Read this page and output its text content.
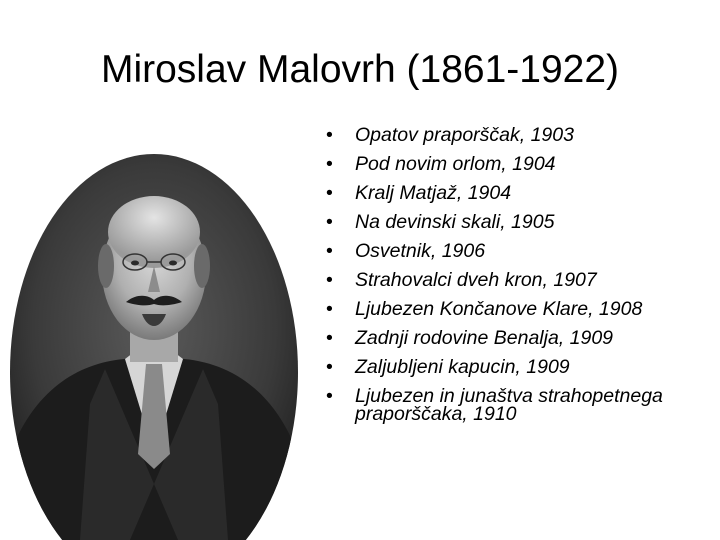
Miroslav Malovrh (1861-1922)
• Opatov praporščak, 1903
• Pod novim orlom, 1904
• Kralj Matjaž, 1904
• Na devinski skali, 1905
• Osvetnik, 1906
• Strahovalci dveh kron, 1907
• Ljubezen Končanove Klare, 1908
• Zadnji rodovine Benalja, 1909
• Zaljubljeni kapucin, 1909
• Ljubezen in junaštva strahopetnega praporščaka, 1910
